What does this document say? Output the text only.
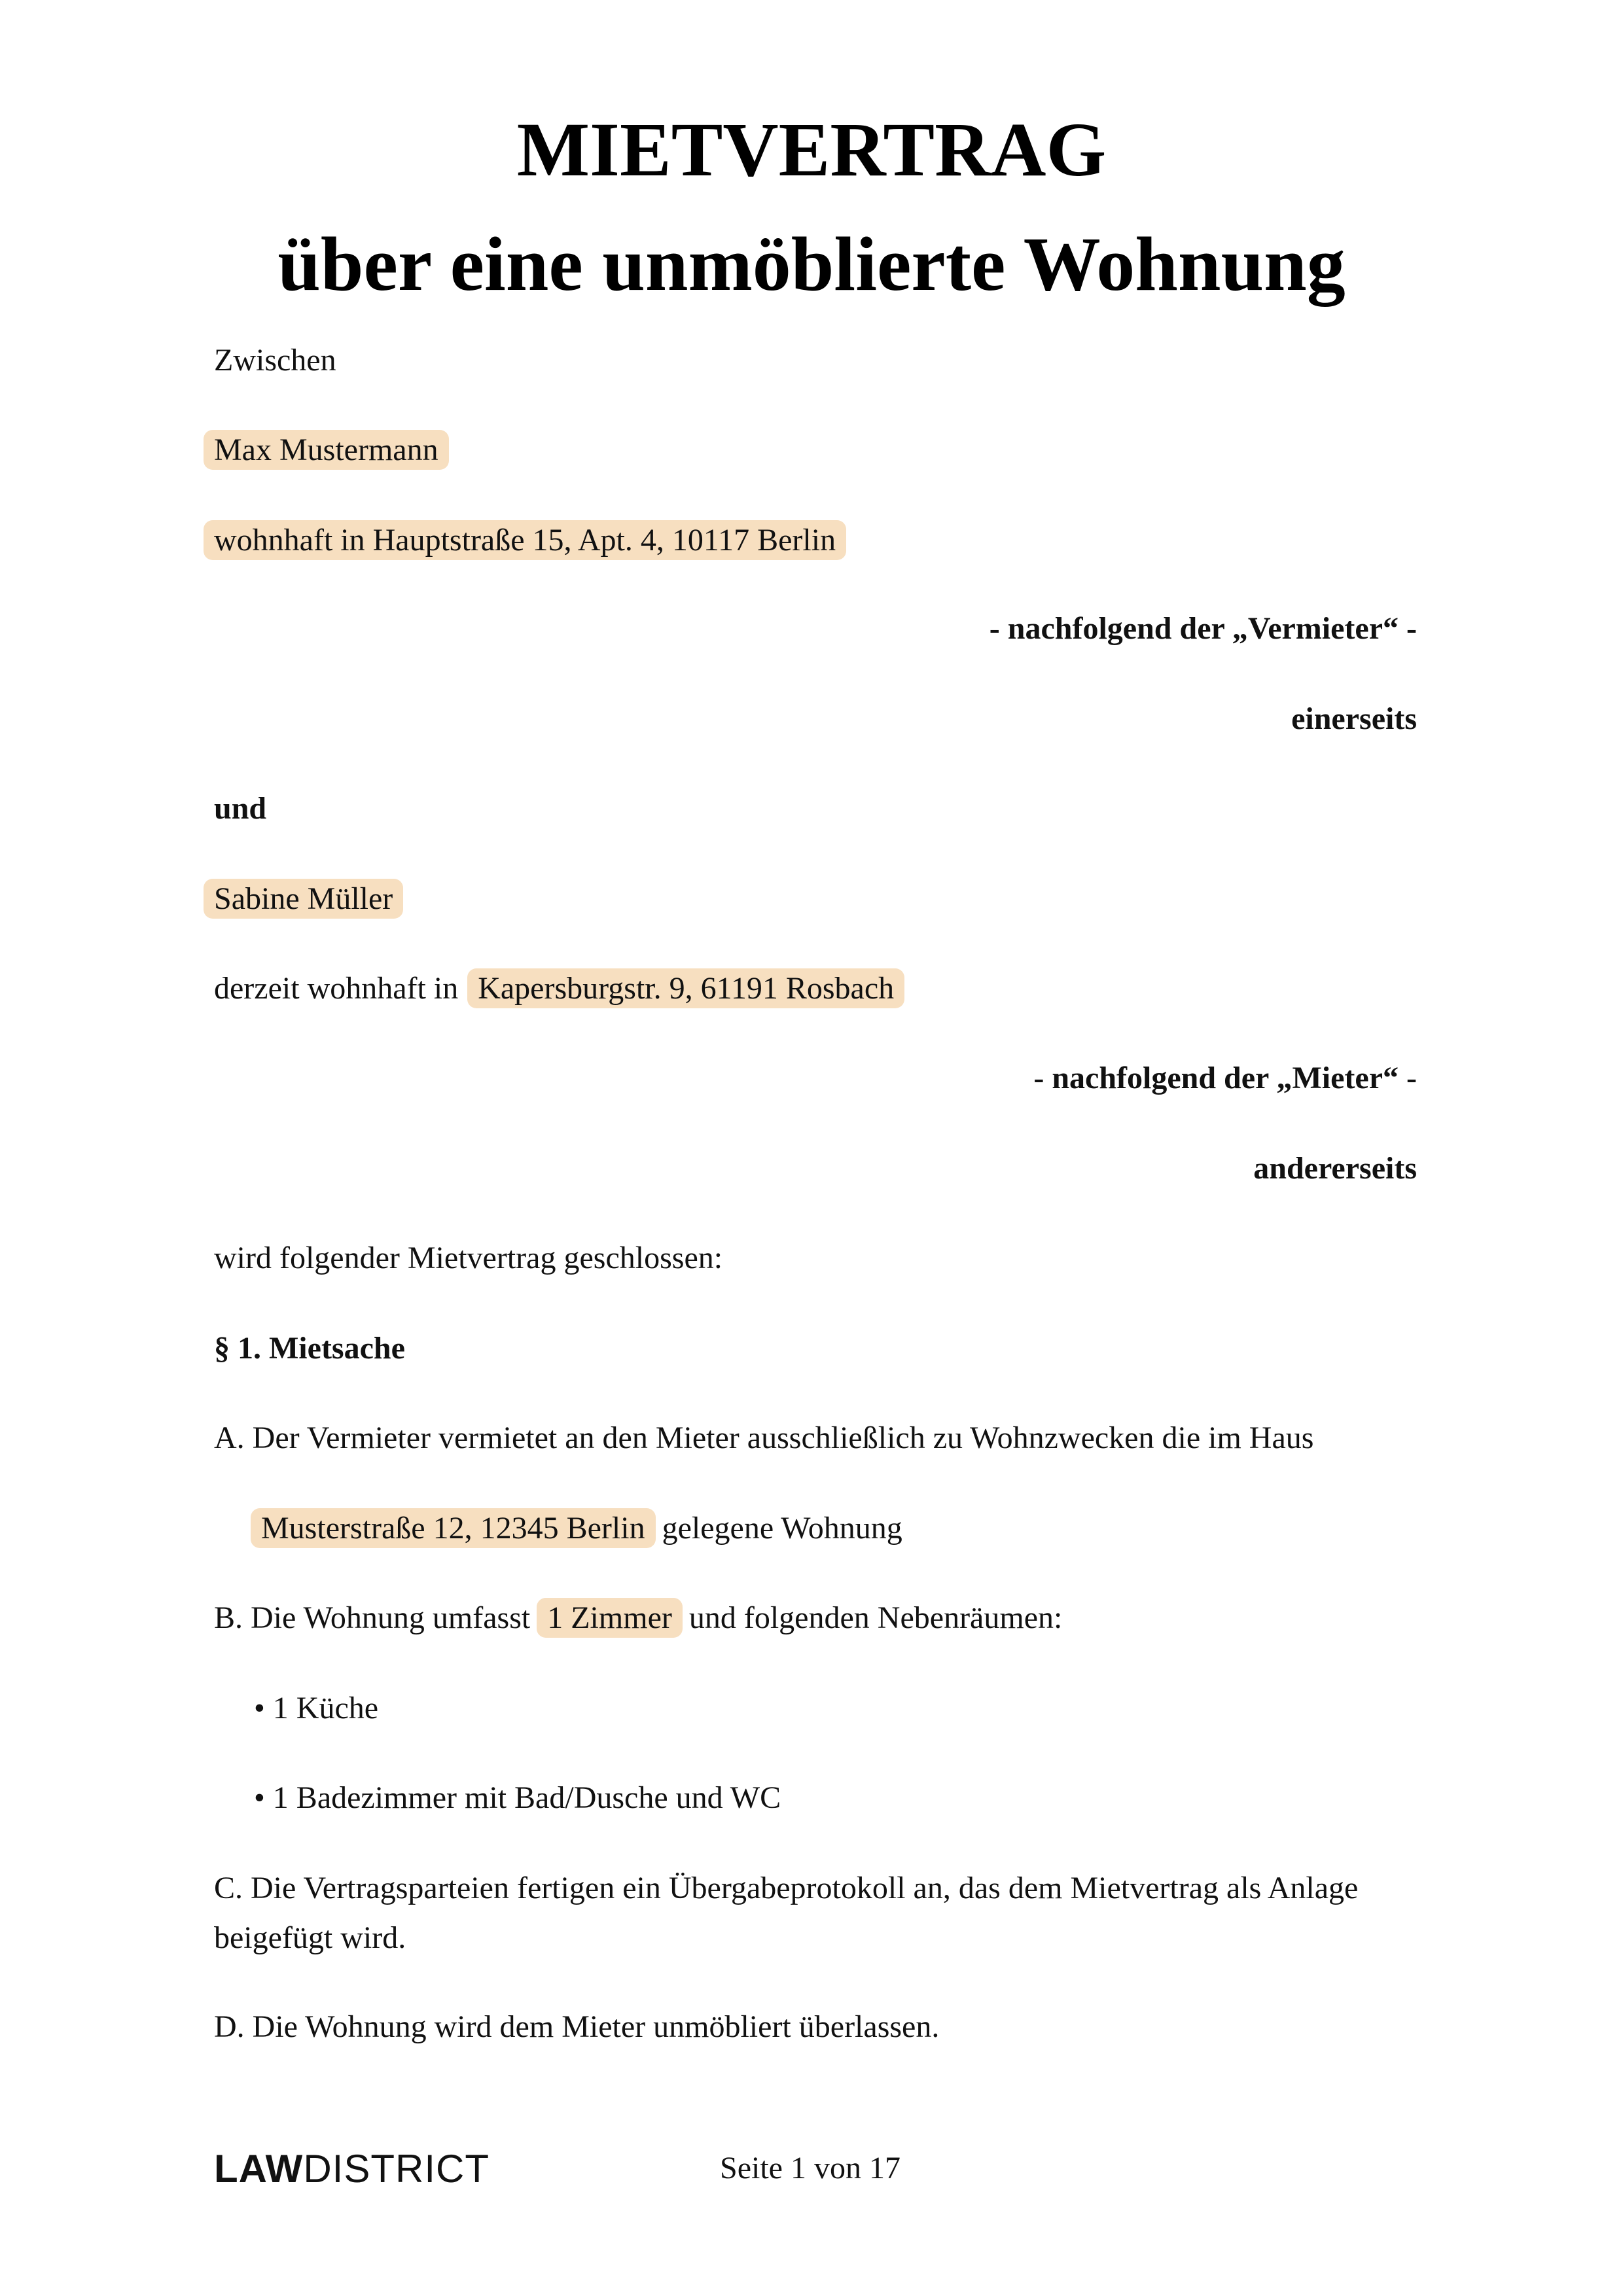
MIETVERTRAG
über eine unmöblierte Wohnung
Zwischen
Max Mustermann
wohnhaft in Hauptstraße 15, Apt. 4, 10117 Berlin
- nachfolgend der „Vermieter“ -
einerseits
und
Sabine Müller
derzeit wohnhaft in Kapersburgstr. 9, 61191 Rosbach
- nachfolgend der „Mieter“ -
andererseits
wird folgender Mietvertrag geschlossen:
§ 1. Mietsache
A. Der Vermieter vermietet an den Mieter ausschließlich zu Wohnzwecken die im Haus
Musterstraße 12, 12345 Berlin gelegene Wohnung
B. Die Wohnung umfasst 1 Zimmer und folgenden Nebenräumen:
• 1 Küche
• 1 Badezimmer mit Bad/Dusche und WC
C. Die Vertragsparteien fertigen ein Übergabeprotokoll an, das dem Mietvertrag als Anlage beigefügt wird.
D. Die Wohnung wird dem Mieter unmöbliert überlassen.
LAWDISTRICT	Seite 1 von 17
